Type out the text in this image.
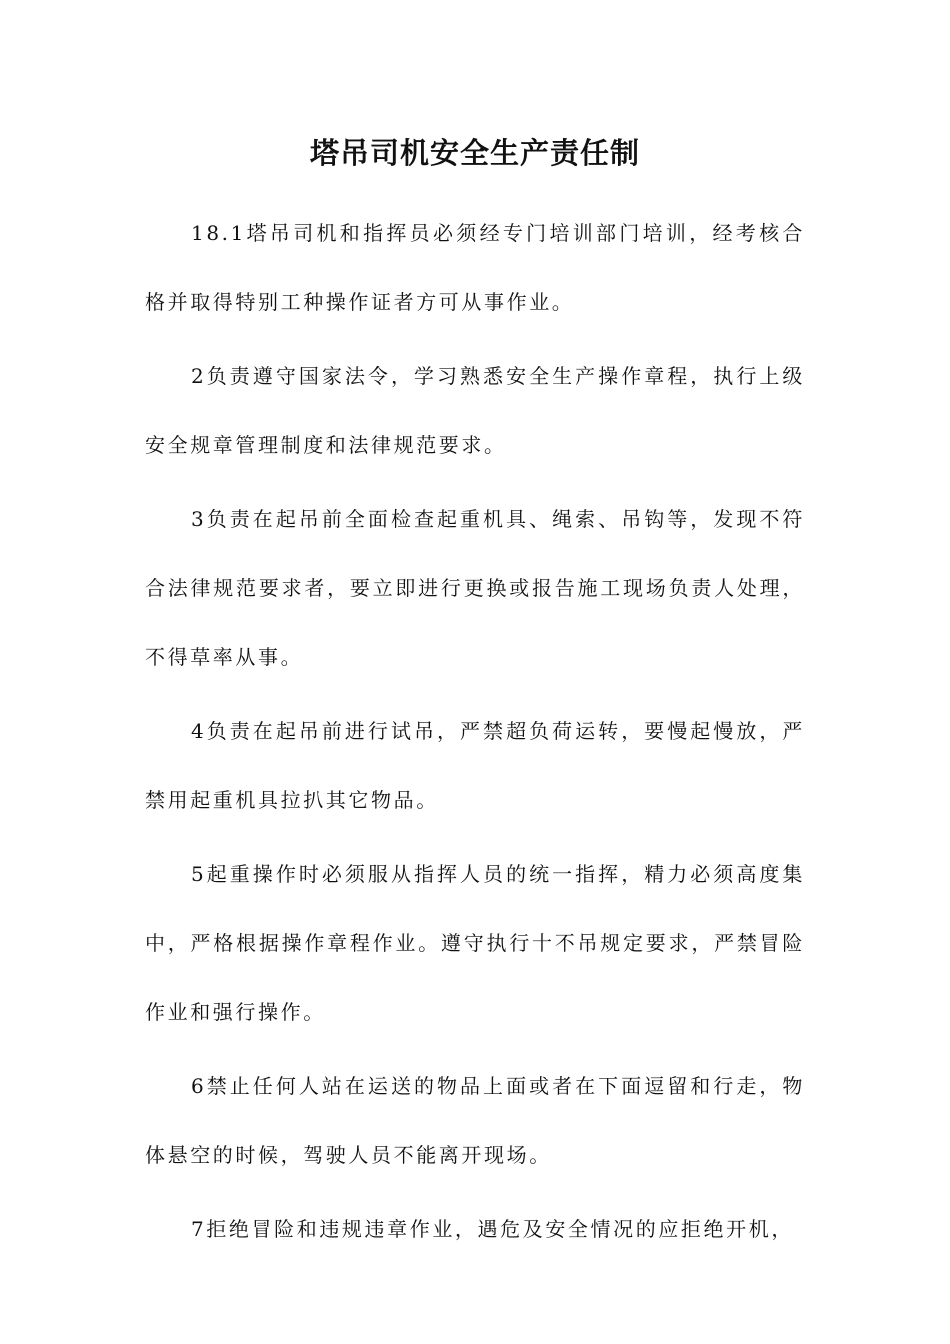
塔吊司机安全生产责任制

18.1塔吊司机和指挥员必须经专门培训部门培训，经考核合格并取得特别工种操作证者方可从事作业。

2负责遵守国家法令，学习熟悉安全生产操作章程，执行上级安全规章管理制度和法律规范要求。

3负责在起吊前全面检查起重机具、绳索、吊钩等，发现不符合法律规范要求者，要立即进行更换或报告施工现场负责人处理，不得草率从事。

4负责在起吊前进行试吊，严禁超负荷运转，要慢起慢放，严禁用起重机具拉扒其它物品。

5起重操作时必须服从指挥人员的统一指挥，精力必须高度集中，严格根据操作章程作业。遵守执行十不吊规定要求，严禁冒险作业和强行操作。

6禁止任何人站在运送的物品上面或者在下面逗留和行走，物体悬空的时候，驾驶人员不能离开现场。

7拒绝冒险和违规违章作业，遇危及安全情况的应拒绝开机，
